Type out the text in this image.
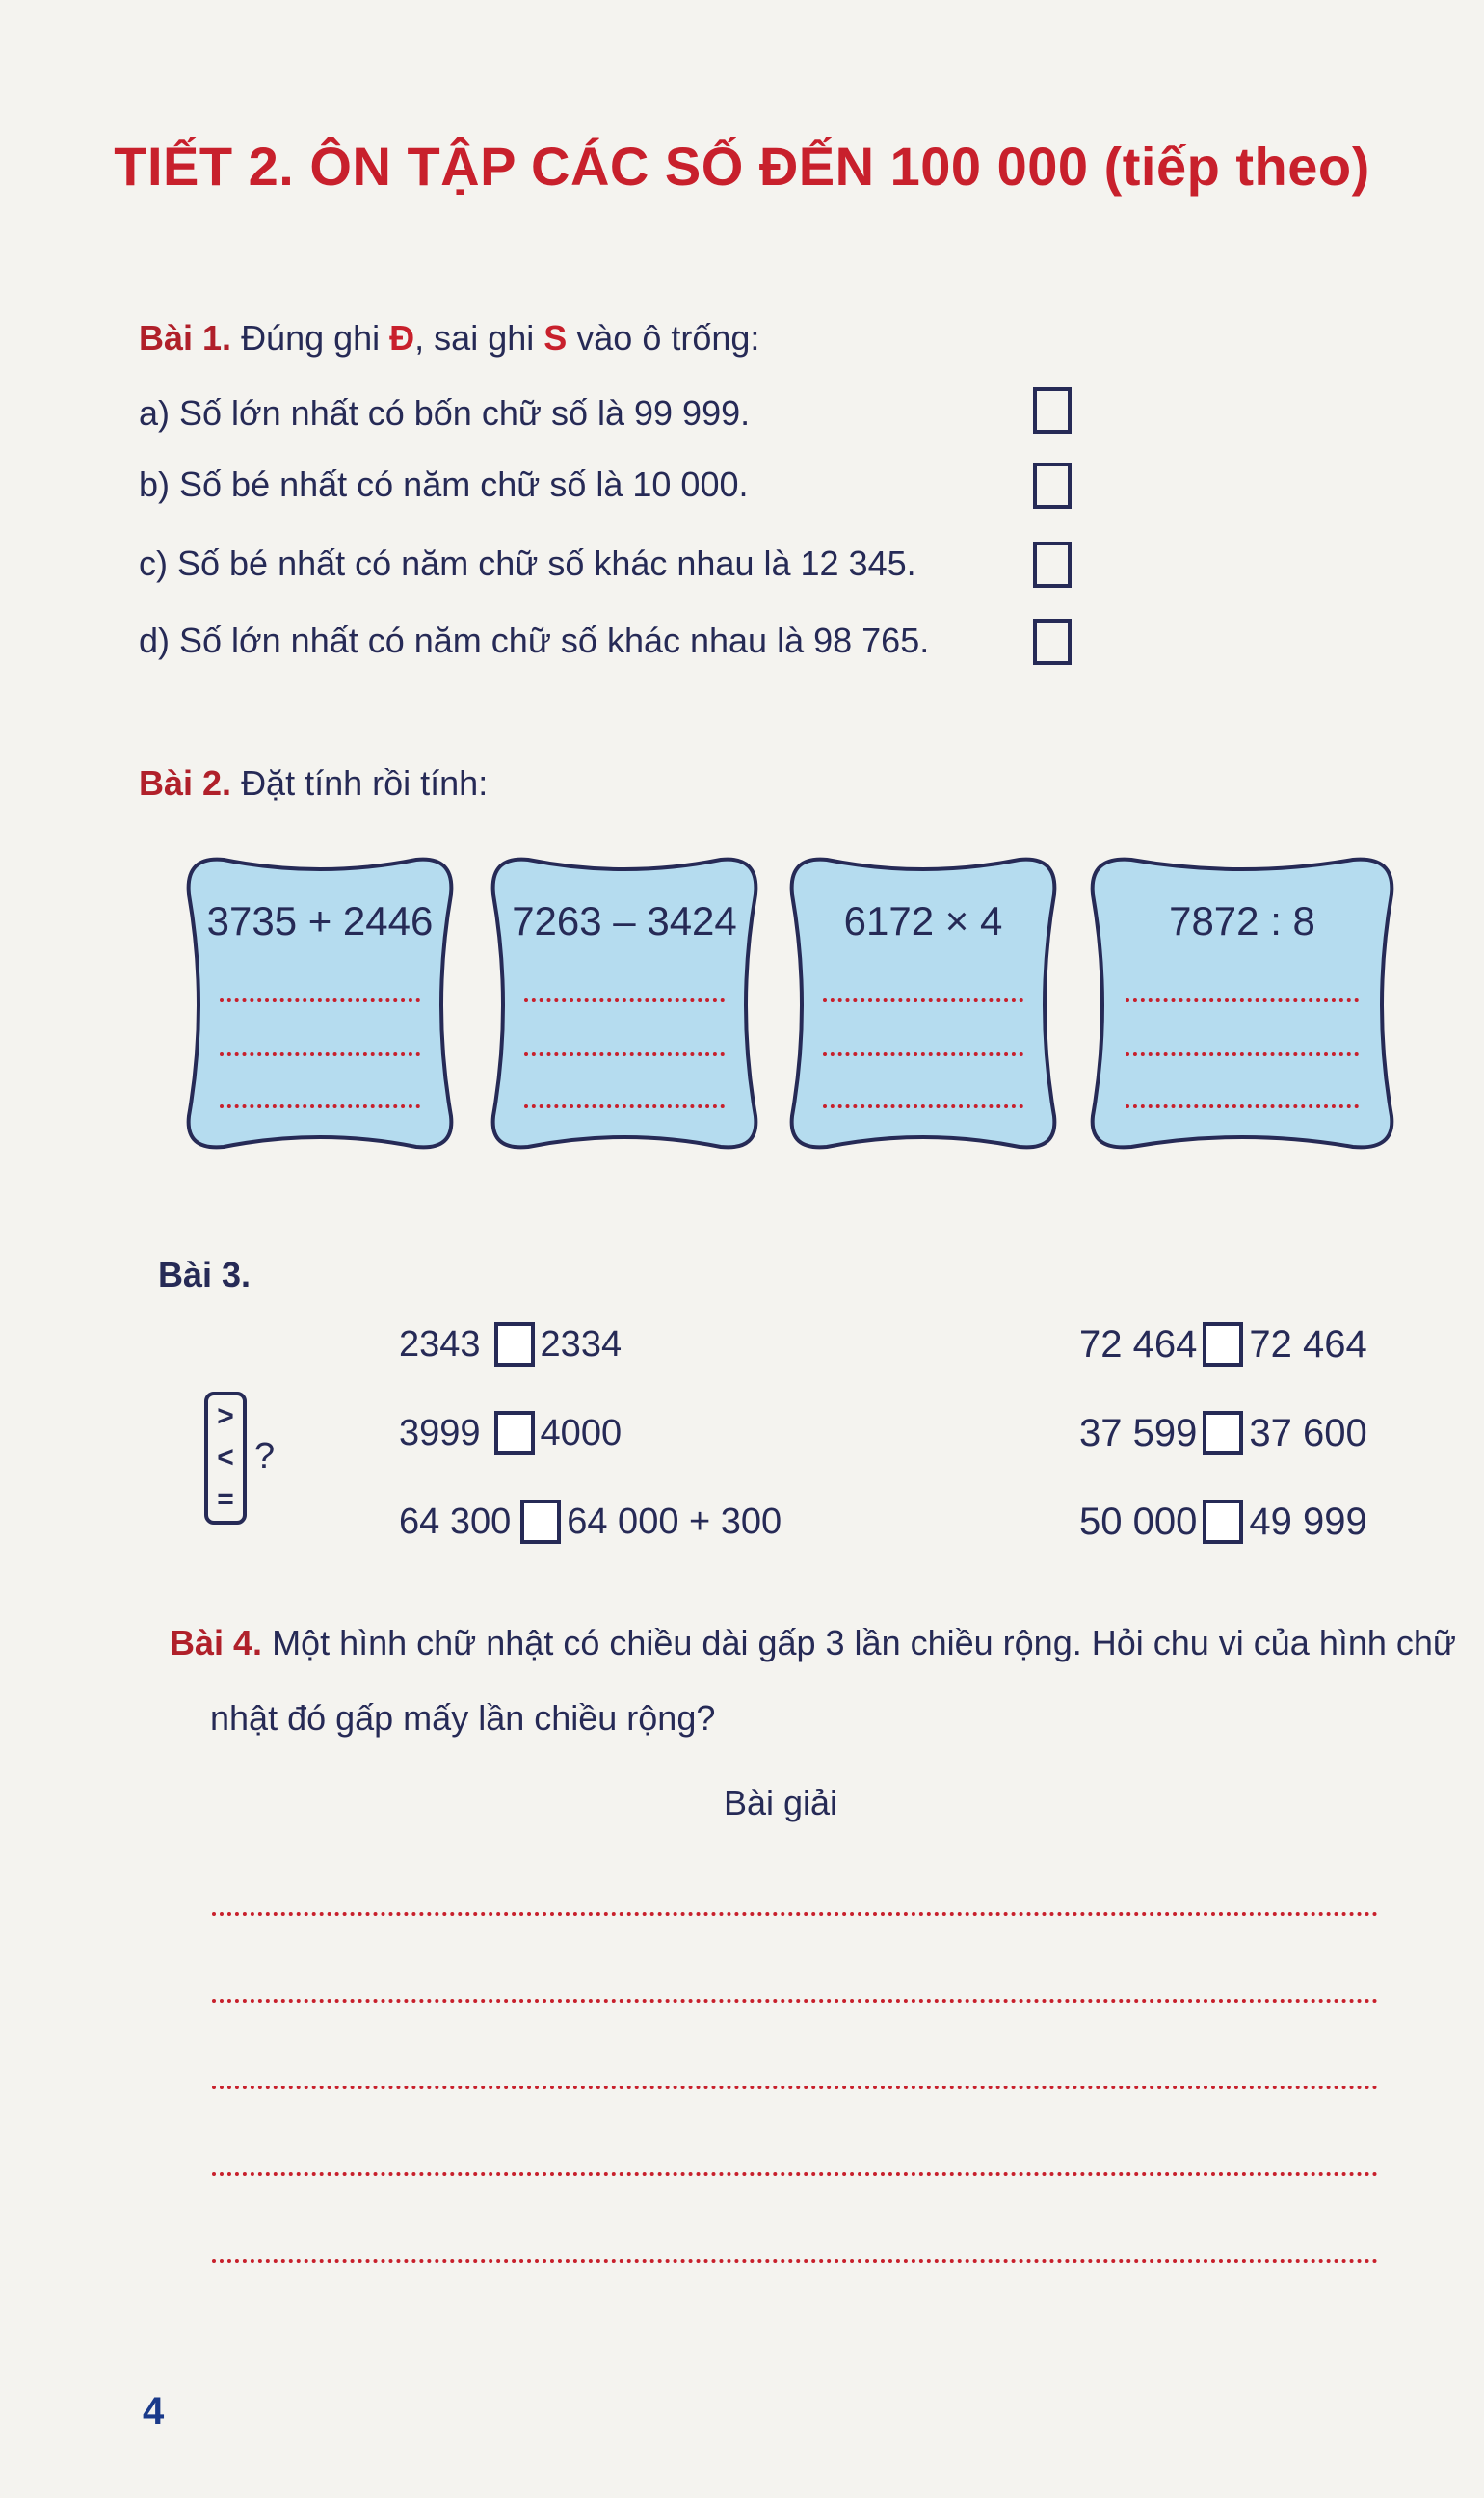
TIẾT 2. ÔN TẬP CÁC SỐ ĐẾN 100 000 (tiếp theo)
Bài 1. Đúng ghi Đ, sai ghi S vào ô trống:
a) Số lớn nhất có bốn chữ số là 99 999.
b) Số bé nhất có năm chữ số là 10 000.
c) Số bé nhất có năm chữ số khác nhau là 12 345.
d) Số lớn nhất có năm chữ số khác nhau là 98 765.
Bài 2. Đặt tính rồi tính:
3735 + 2446	7263 – 3424	6172 × 4	7872 : 8
Bài 3.
>
<
=
?
2343 2334
3999 4000
64 300 64 000 + 300
72 464 72 464
37 599 37 600
50 000 49 999
Bài 4. Một hình chữ nhật có chiều dài gấp 3 lần chiều rộng. Hỏi chu vi của hình chữ
nhật đó gấp mấy lần chiều rộng?
Bài giải
4
